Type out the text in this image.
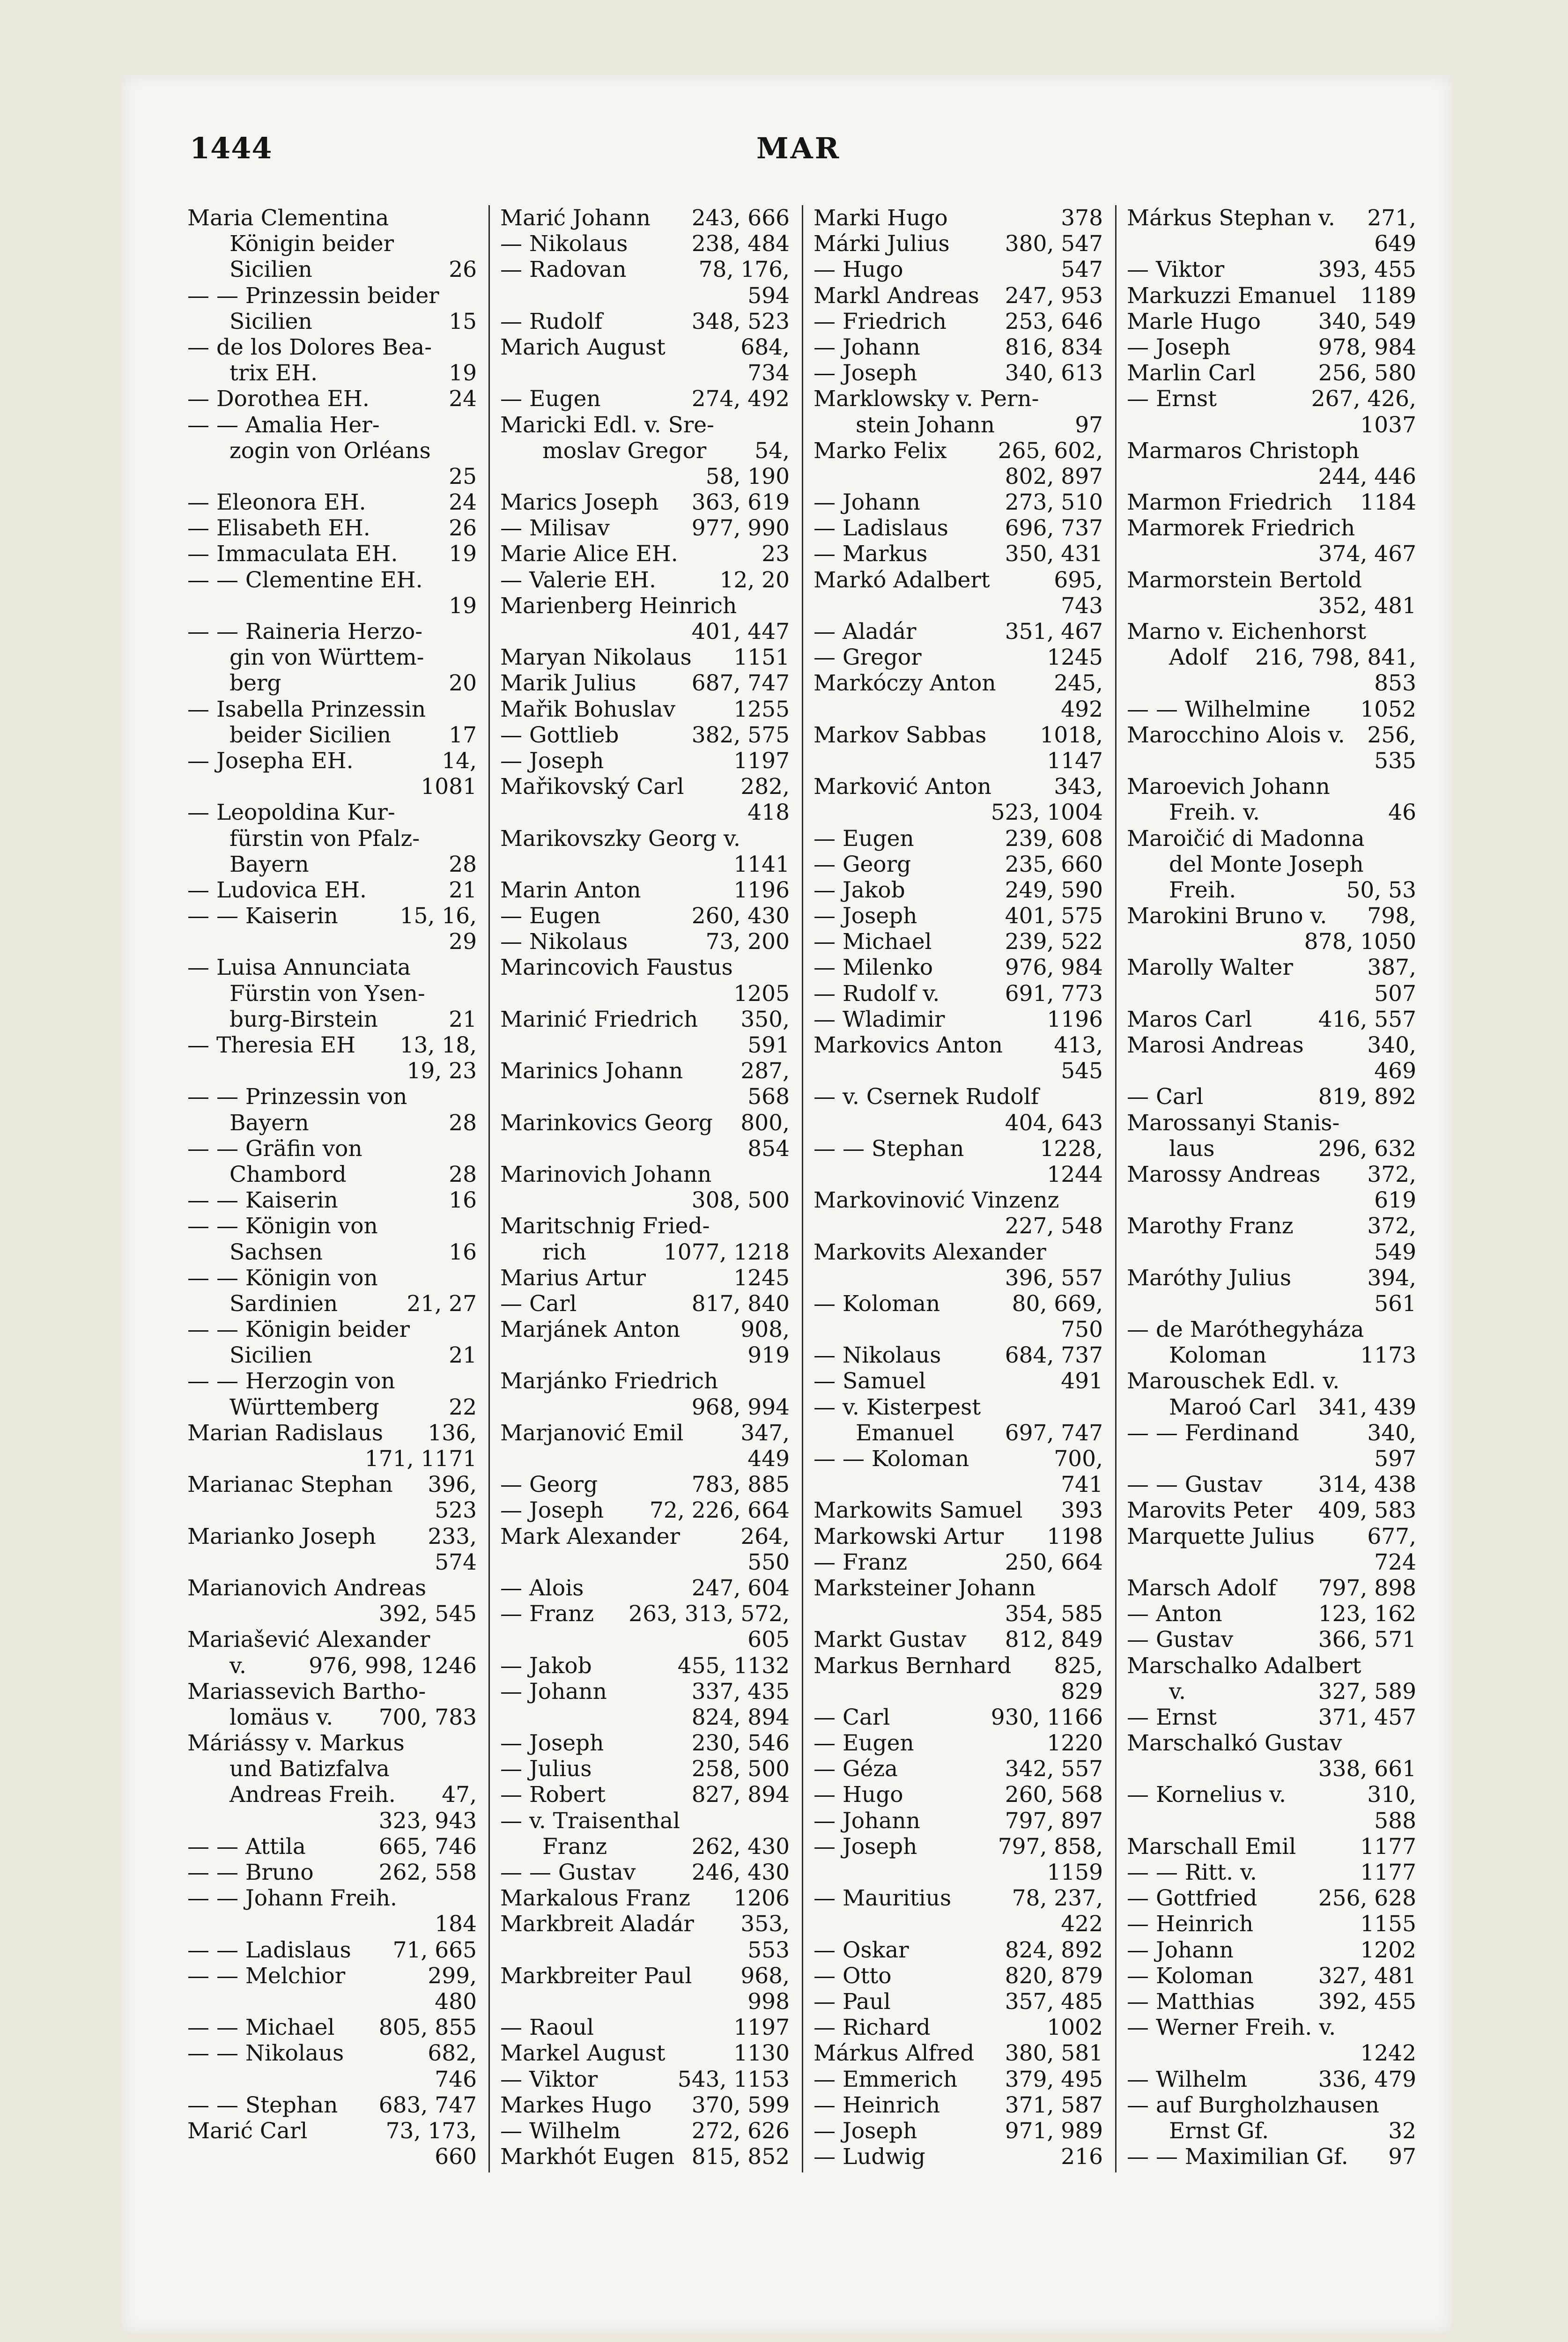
1444	MAR
Maria Clementina
Königin beider
Sicilien	26
— — Prinzessin beider
Sicilien	15
— de los Dolores Bea-
trix EH.	19
— Dorothea EH.	24
— — Amalia Her-
zogin von Orléans
25
— Eleonora EH.	24
— Elisabeth EH.	26
— Immaculata EH. 19
— — Clementine EH.
19
— — Raineria Herzo-
gin von Württem-
berg	20
— Isabella Prinzessin
beider Sicilien	17
— Josepha EH.	14,
1081
— Leopoldina Kur-
fürstin von Pfalz-
Bayern	28
— Ludovica EH.	21
— — Kaiserin	15, 16,
29
— Luisa Annunciata
Fürstin von Ysen-
burg-Birstein	21
— Theresia EH 13, 18,
19, 23
— — Prinzessin von
Bayern	28
— — Gräfin von
Chambord	28
— — Kaiserin	16
— — Königin von
Sachsen	16
— — Königin von
Sardinien	21, 27
— — Königin beider
Sicilien	21
— — Herzogin von
Württemberg	22
Marian Radislaus 136,
171, 1171
Marianac Stephan 396,
523
Marianko Joseph 233,
574
Marianovich Andreas
392, 545
Mariašević Alexander
v.	976, 998, 1246
Mariassevich Bartho-
lomäus v. 700, 783
Máriássy v. Markus
und Batizfalva
Andreas Freih. 47,
323, 943
— — Attila	665, 746
— — Bruno	262, 558
— — Johann Freih.
184
— — Ladislaus 71, 665
— — Melchior	299,
480
— — Michael 805, 855
— — Nikolaus	682,
746
— — Stephan 683, 747
Marić Carl	73, 173,
660
Marić Johann 243, 666
— Nikolaus	238, 484
— Radovan	78, 176,
594
— Rudolf	348, 523
Marich August	684,
734
— Eugen	274, 492
Maricki Edl. v. Sre-
moslav Gregor 54,
58, 190
Marics Joseph 363, 619
— Milisav	977, 990
Marie Alice EH.	23
— Valerie EH.	12, 20
Marienberg Heinrich
401, 447
Maryan Nikolaus 1151
Marik Julius	687, 747
Mařik Bohuslav	1255
— Gottlieb	382, 575
— Joseph	1197
Mařikovský Carl	282,
418
Marikovszky Georg v.
1141
Marin Anton	1196
— Eugen	260, 430
— Nikolaus	73, 200
Marincovich Faustus
1205
Marinić Friedrich 350,
591
Marinics Johann	287,
568
Marinkovics Georg 800,
854
Marinovich Johann
308, 500
Maritschnig Fried-
rich	1077, 1218
Marius Artur	1245
— Carl	817, 840
Marjánek Anton	908,
919
Marjánko Friedrich
968, 994
Marjanović Emil	347,
449
— Georg	783, 885
— Joseph 72, 226, 664
Mark Alexander	264,
550
— Alois	247, 604
— Franz 263, 313, 572,
605
— Jakob	455, 1132
— Johann	337, 435
824, 894
— Joseph	230, 546
— Julius	258, 500
— Robert	827, 894
— v. Traisenthal
Franz	262, 430
— — Gustav	246, 430
Markalous Franz 1206
Markbreit Aladár 353,
553
Markbreiter Paul 968,
998
— Raoul	1197
Markel August	1130
— Viktor	543, 1153
Markes Hugo 370, 599
— Wilhelm	272, 626
Markhót Eugen 815, 852
Marki Hugo	378
Márki Julius	380, 547
— Hugo	547
Markl Andreas 247, 953
— Friedrich	253, 646
— Johann	816, 834
— Joseph	340, 613
Marklowsky v. Pern-
stein Johann	97
Marko Felix 265, 602,
802, 897
— Johann	273, 510
— Ladislaus	696, 737
— Markus	350, 431
Markó Adalbert	695,
743
— Aladár	351, 467
— Gregor	1245
Markóczy Anton	245,
492
Markov Sabbas 1018,
1147
Marković Anton	343,
523, 1004
— Eugen	239, 608
— Georg	235, 660
— Jakob	249, 590
— Joseph	401, 575
— Michael	239, 522
— Milenko	976, 984
— Rudolf v.	691, 773
— Wladimir	1196
Markovics Anton 413,
545
— v. Csernek Rudolf
404, 643
— — Stephan	1228,
1244
Markovinović Vinzenz
227, 548
Markovits Alexander
396, 557
— Koloman	80, 669,
750
— Nikolaus	684, 737
— Samuel	491
— v. Kisterpest
Emanuel 697, 747
— — Koloman	700,
741
Markowits Samuel 393
Markowski Artur 1198
— Franz	250, 664
Marksteiner Johann
354, 585
Markt Gustav 812, 849
Markus Bernhard 825,
829
— Carl	930, 1166
— Eugen	1220
— Géza	342, 557
— Hugo	260, 568
— Johann	797, 897
— Joseph	797, 858,
1159
— Mauritius	78, 237,
422
— Oskar	824, 892
— Otto	820, 879
— Paul	357, 485
— Richard	1002
Márkus Alfred 380, 581
— Emmerich 379, 495
— Heinrich	371, 587
— Joseph	971, 989
— Ludwig	216
Márkus Stephan v. 271,
649
— Viktor	393, 455
Markuzzi Emanuel 1189
Marle Hugo	340, 549
— Joseph	978, 984
Marlin Carl	256, 580
— Ernst	267, 426,
1037
Marmaros Christoph
244, 446
Marmon Friedrich 1184
Marmorek Friedrich
374, 467
Marmorstein Bertold
352, 481
Marno v. Eichenhorst
Adolf 216, 798, 841,
853
— — Wilhelmine 1052
Marocchino Alois v. 256,
535
Maroevich Johann
Freih. v.	46
Maroičić di Madonna
del Monte Joseph
Freih.	50, 53
Marokini Bruno v. 798,
878, 1050
Marolly Walter	387,
507
Maros Carl	416, 557
Marosi Andreas	340,
469
— Carl	819, 892
Marossanyi Stanis-
laus	296, 632
Marossy Andreas 372,
619
Marothy Franz	372,
549
Maróthy Julius	394,
561
— de Maróthegyháza
Koloman	1173
Marouschek Edl. v.
Maroó Carl 341, 439
— — Ferdinand	340,
597
— — Gustav	314, 438
Marovits Peter 409, 583
Marquette Julius 677,
724
Marsch Adolf 797, 898
— Anton	123, 162
— Gustav	366, 571
Marschalko Adalbert
v.	327, 589
— Ernst	371, 457
Marschalkó Gustav
338, 661
— Kornelius v.	310,
588
Marschall Emil	1177
— — Ritt. v.	1177
— Gottfried	256, 628
— Heinrich	1155
— Johann	1202
— Koloman	327, 481
— Matthias	392, 455
— Werner Freih. v.
1242
— Wilhelm	336, 479
— auf Burgholzhausen
Ernst Gf.	32
— — Maximilian Gf. 97
